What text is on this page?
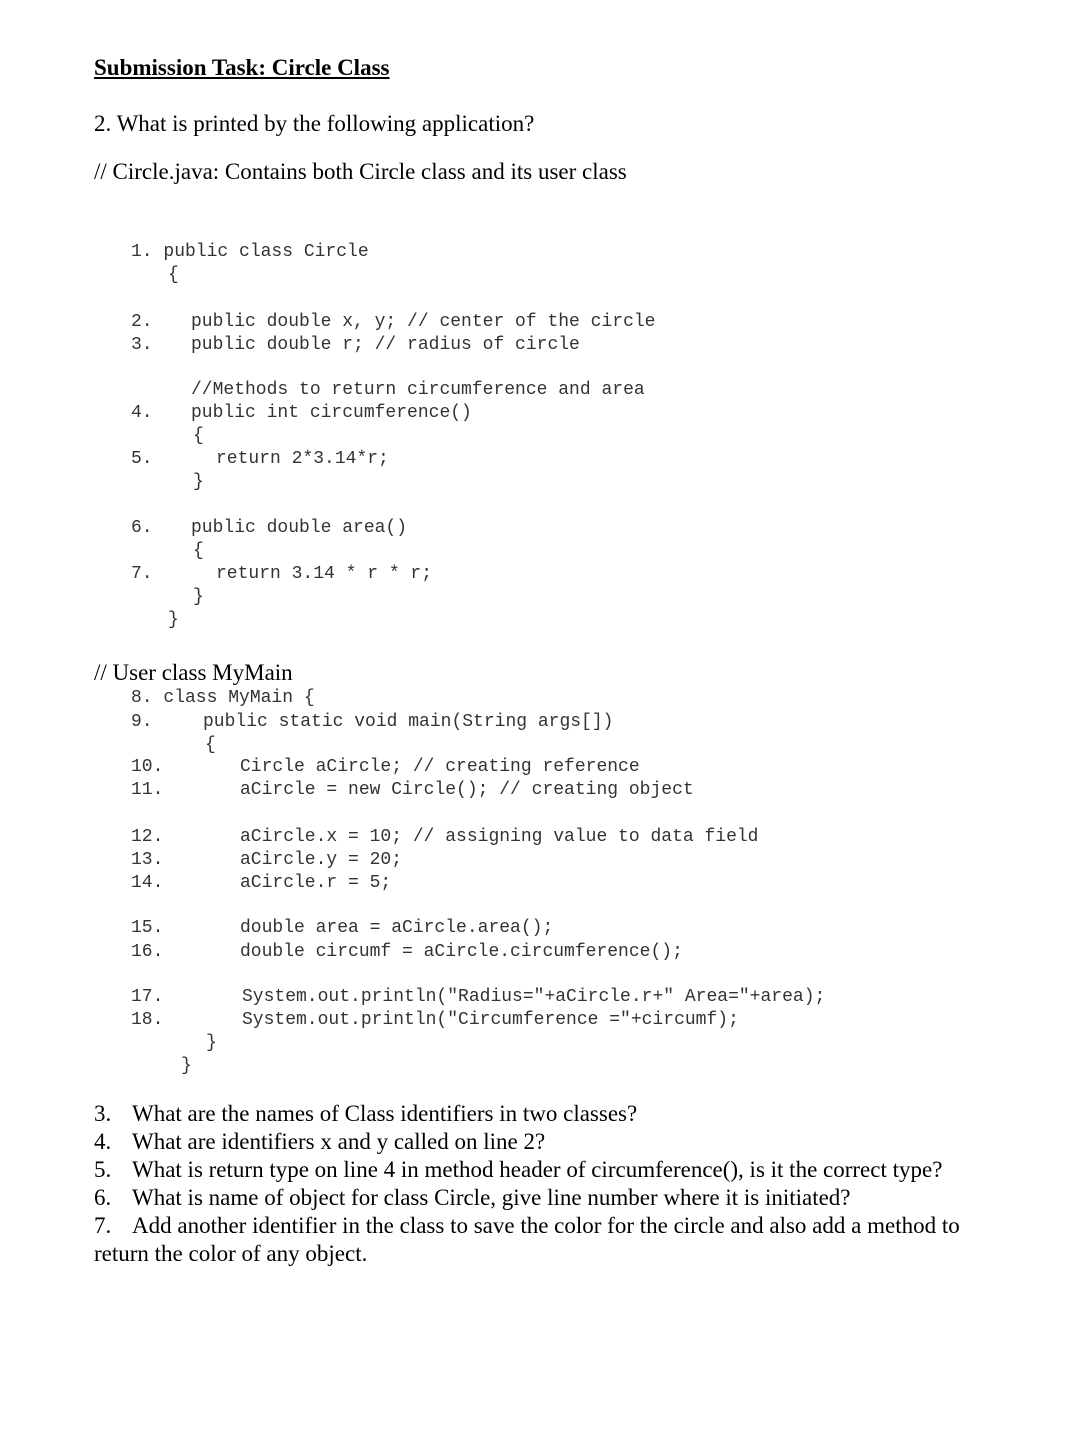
Submission Task: Circle Class
2. What is printed by the following application?
// Circle.java: Contains both Circle class and its user class
1. public class Circle
{
2. public double x, y; // center of the circle
3. public double r; // radius of circle
//Methods to return circumference and area
4. public int circumference()
{
5.	return 2*3.14*r;
}
6. public double area()
{
7.	return 3.14 * r * r;
}
}
// User class MyMain
8. class MyMain {
9.	public static void main(String args[])
{
10.	Circle aCircle; // creating reference
11.	aCircle = new Circle(); // creating object
12.	aCircle.x = 10; // assigning value to data field
13.	aCircle.y = 20;
14.	aCircle.r = 5;
15.	double area = aCircle.area();
16.	double circumf = aCircle.circumference();
17.	System.out.println("Radius="+aCircle.r+" Area="+area);
18.	System.out.println("Circumference ="+circumf);
}
}
3. What are the names of Class identifiers in two classes?
4. What are identifiers x and y called on line 2?
5. What is return type on line 4 in method header of circumference(), is it the correct type?
6. What is name of object for class Circle, give line number where it is initiated?
7. Add another identifier in the class to save the color for the circle and also add a method to
return the color of any object.
